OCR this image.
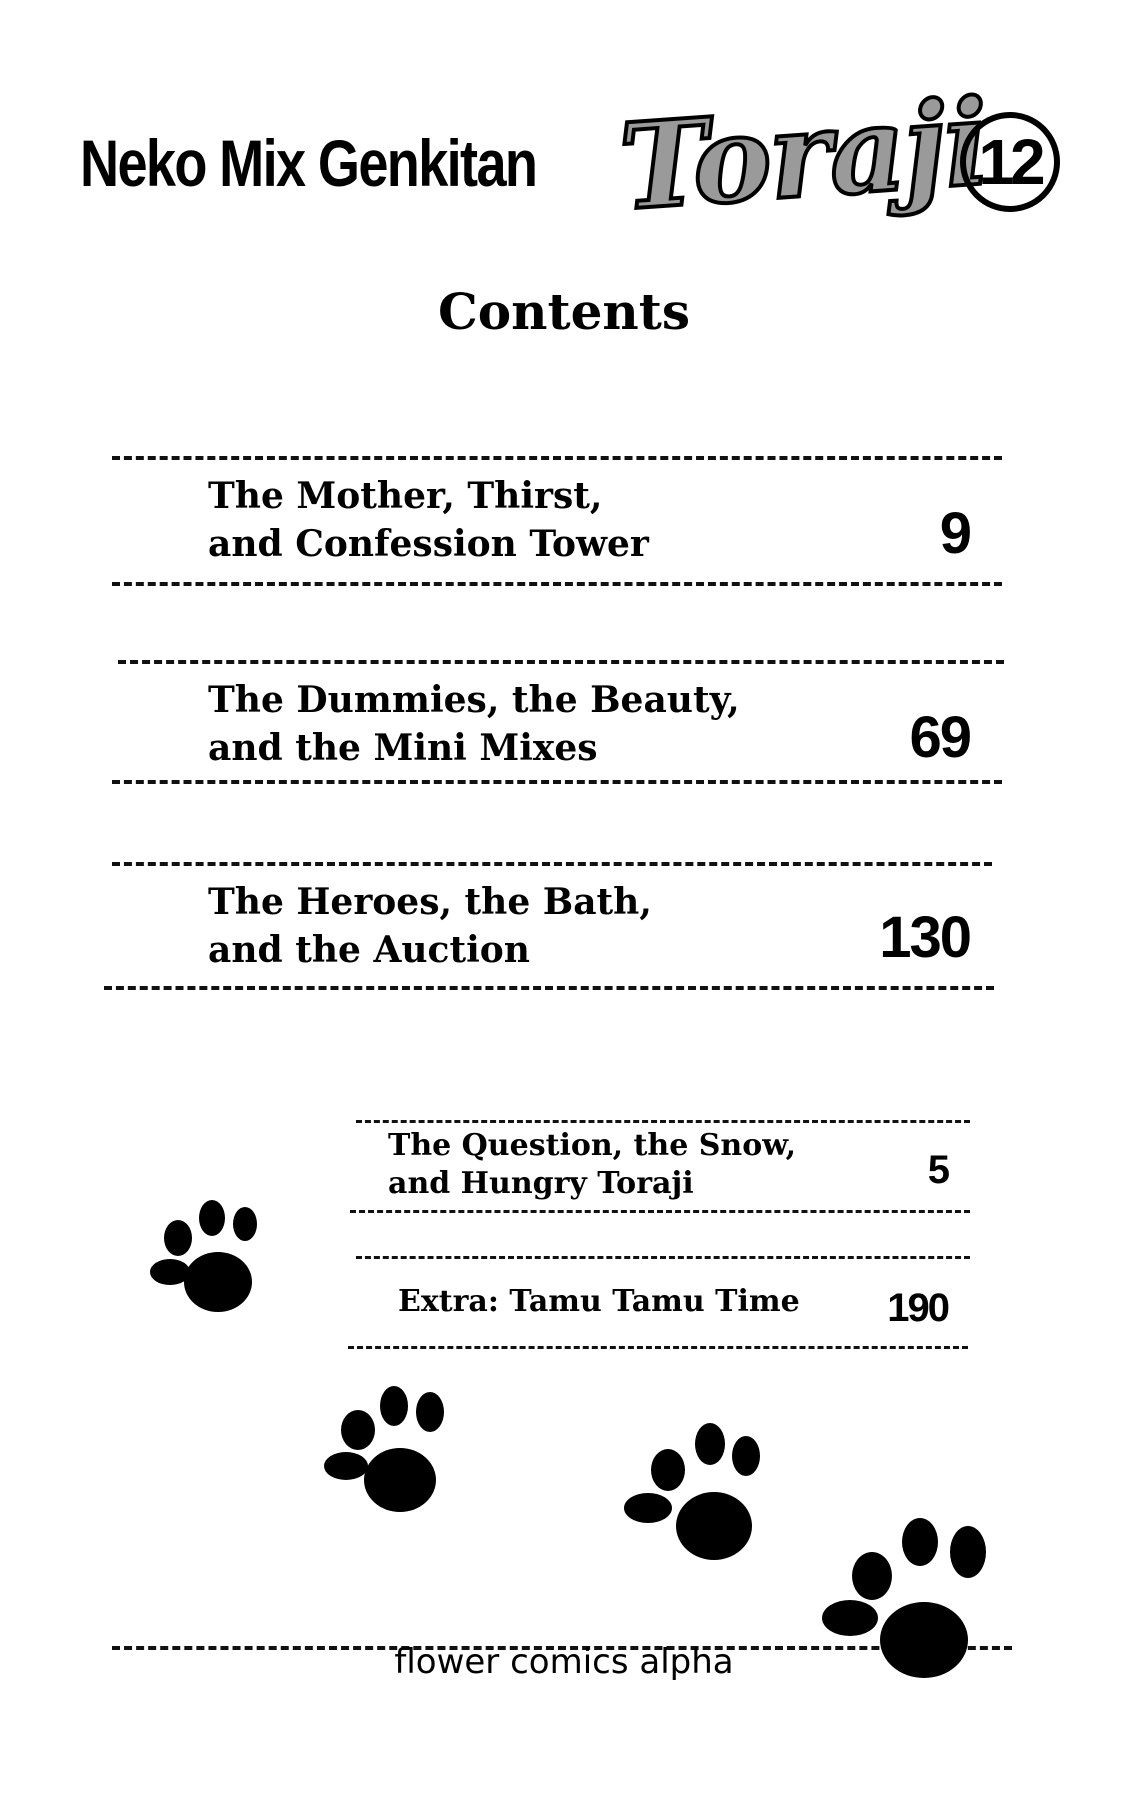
Neko Mix Genkitan Toraji
12
Contents
The Mother, Thirst,
and Confession Tower	9
The Dummies, the Beauty,
and the Mini Mixes	69
The Heroes, the Bath,
and the Auction	130
The Question, the Snow,
and Hungry Toraji	5
Extra: Tamu Tamu Time	190
flower comics alpha
